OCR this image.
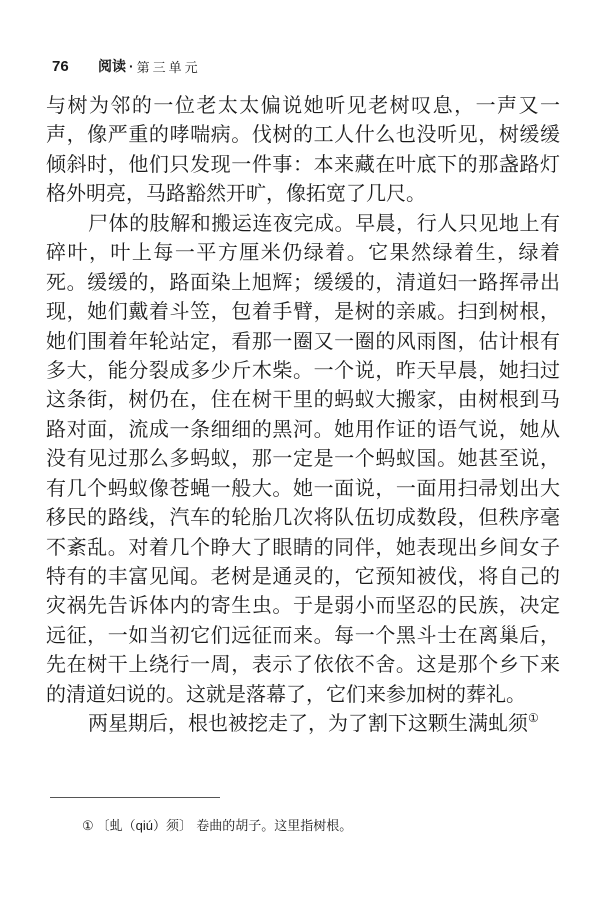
76	阅读 · 第三单元
与树为邻的一位老太太偏说她听见老树叹息，一声又一
声，像严重的哮喘病。伐树的工人什么也没听见，树缓缓
倾斜时，他们只发现一件事：本来藏在叶底下的那盏路灯
格外明亮，马路豁然开旷，像拓宽了几尺。
尸体的肢解和搬运连夜完成。早晨，行人只见地上有
碎叶，叶上每一平方厘米仍绿着。它果然绿着生，绿着
死。缓缓的，路面染上旭辉；缓缓的，清道妇一路挥帚出
现，她们戴着斗笠，包着手臂，是树的亲戚。扫到树根，
她们围着年轮站定，看那一圈又一圈的风雨图，估计根有
多大，能分裂成多少斤木柴。一个说，昨天早晨，她扫过
这条街，树仍在，住在树干里的蚂蚁大搬家，由树根到马
路对面，流成一条细细的黑河。她用作证的语气说，她从
没有见过那么多蚂蚁，那一定是一个蚂蚁国。她甚至说，
有几个蚂蚁像苍蝇一般大。她一面说，一面用扫帚划出大
移民的路线，汽车的轮胎几次将队伍切成数段，但秩序毫
不紊乱。对着几个睁大了眼睛的同伴，她表现出乡间女子
特有的丰富见闻。老树是通灵的，它预知被伐，将自己的
灾祸先告诉体内的寄生虫。于是弱小而坚忍的民族，决定
远征，一如当初它们远征而来。每一个黑斗士在离巢后，
先在树干上绕行一周，表示了依依不舍。这是那个乡下来
的清道妇说的。这就是落幕了，它们来参加树的葬礼。
两星期后，根也被挖走了，为了割下这颗生满虬须①
① 〔虬（qiú）须〕 卷曲的胡子。这里指树根。
